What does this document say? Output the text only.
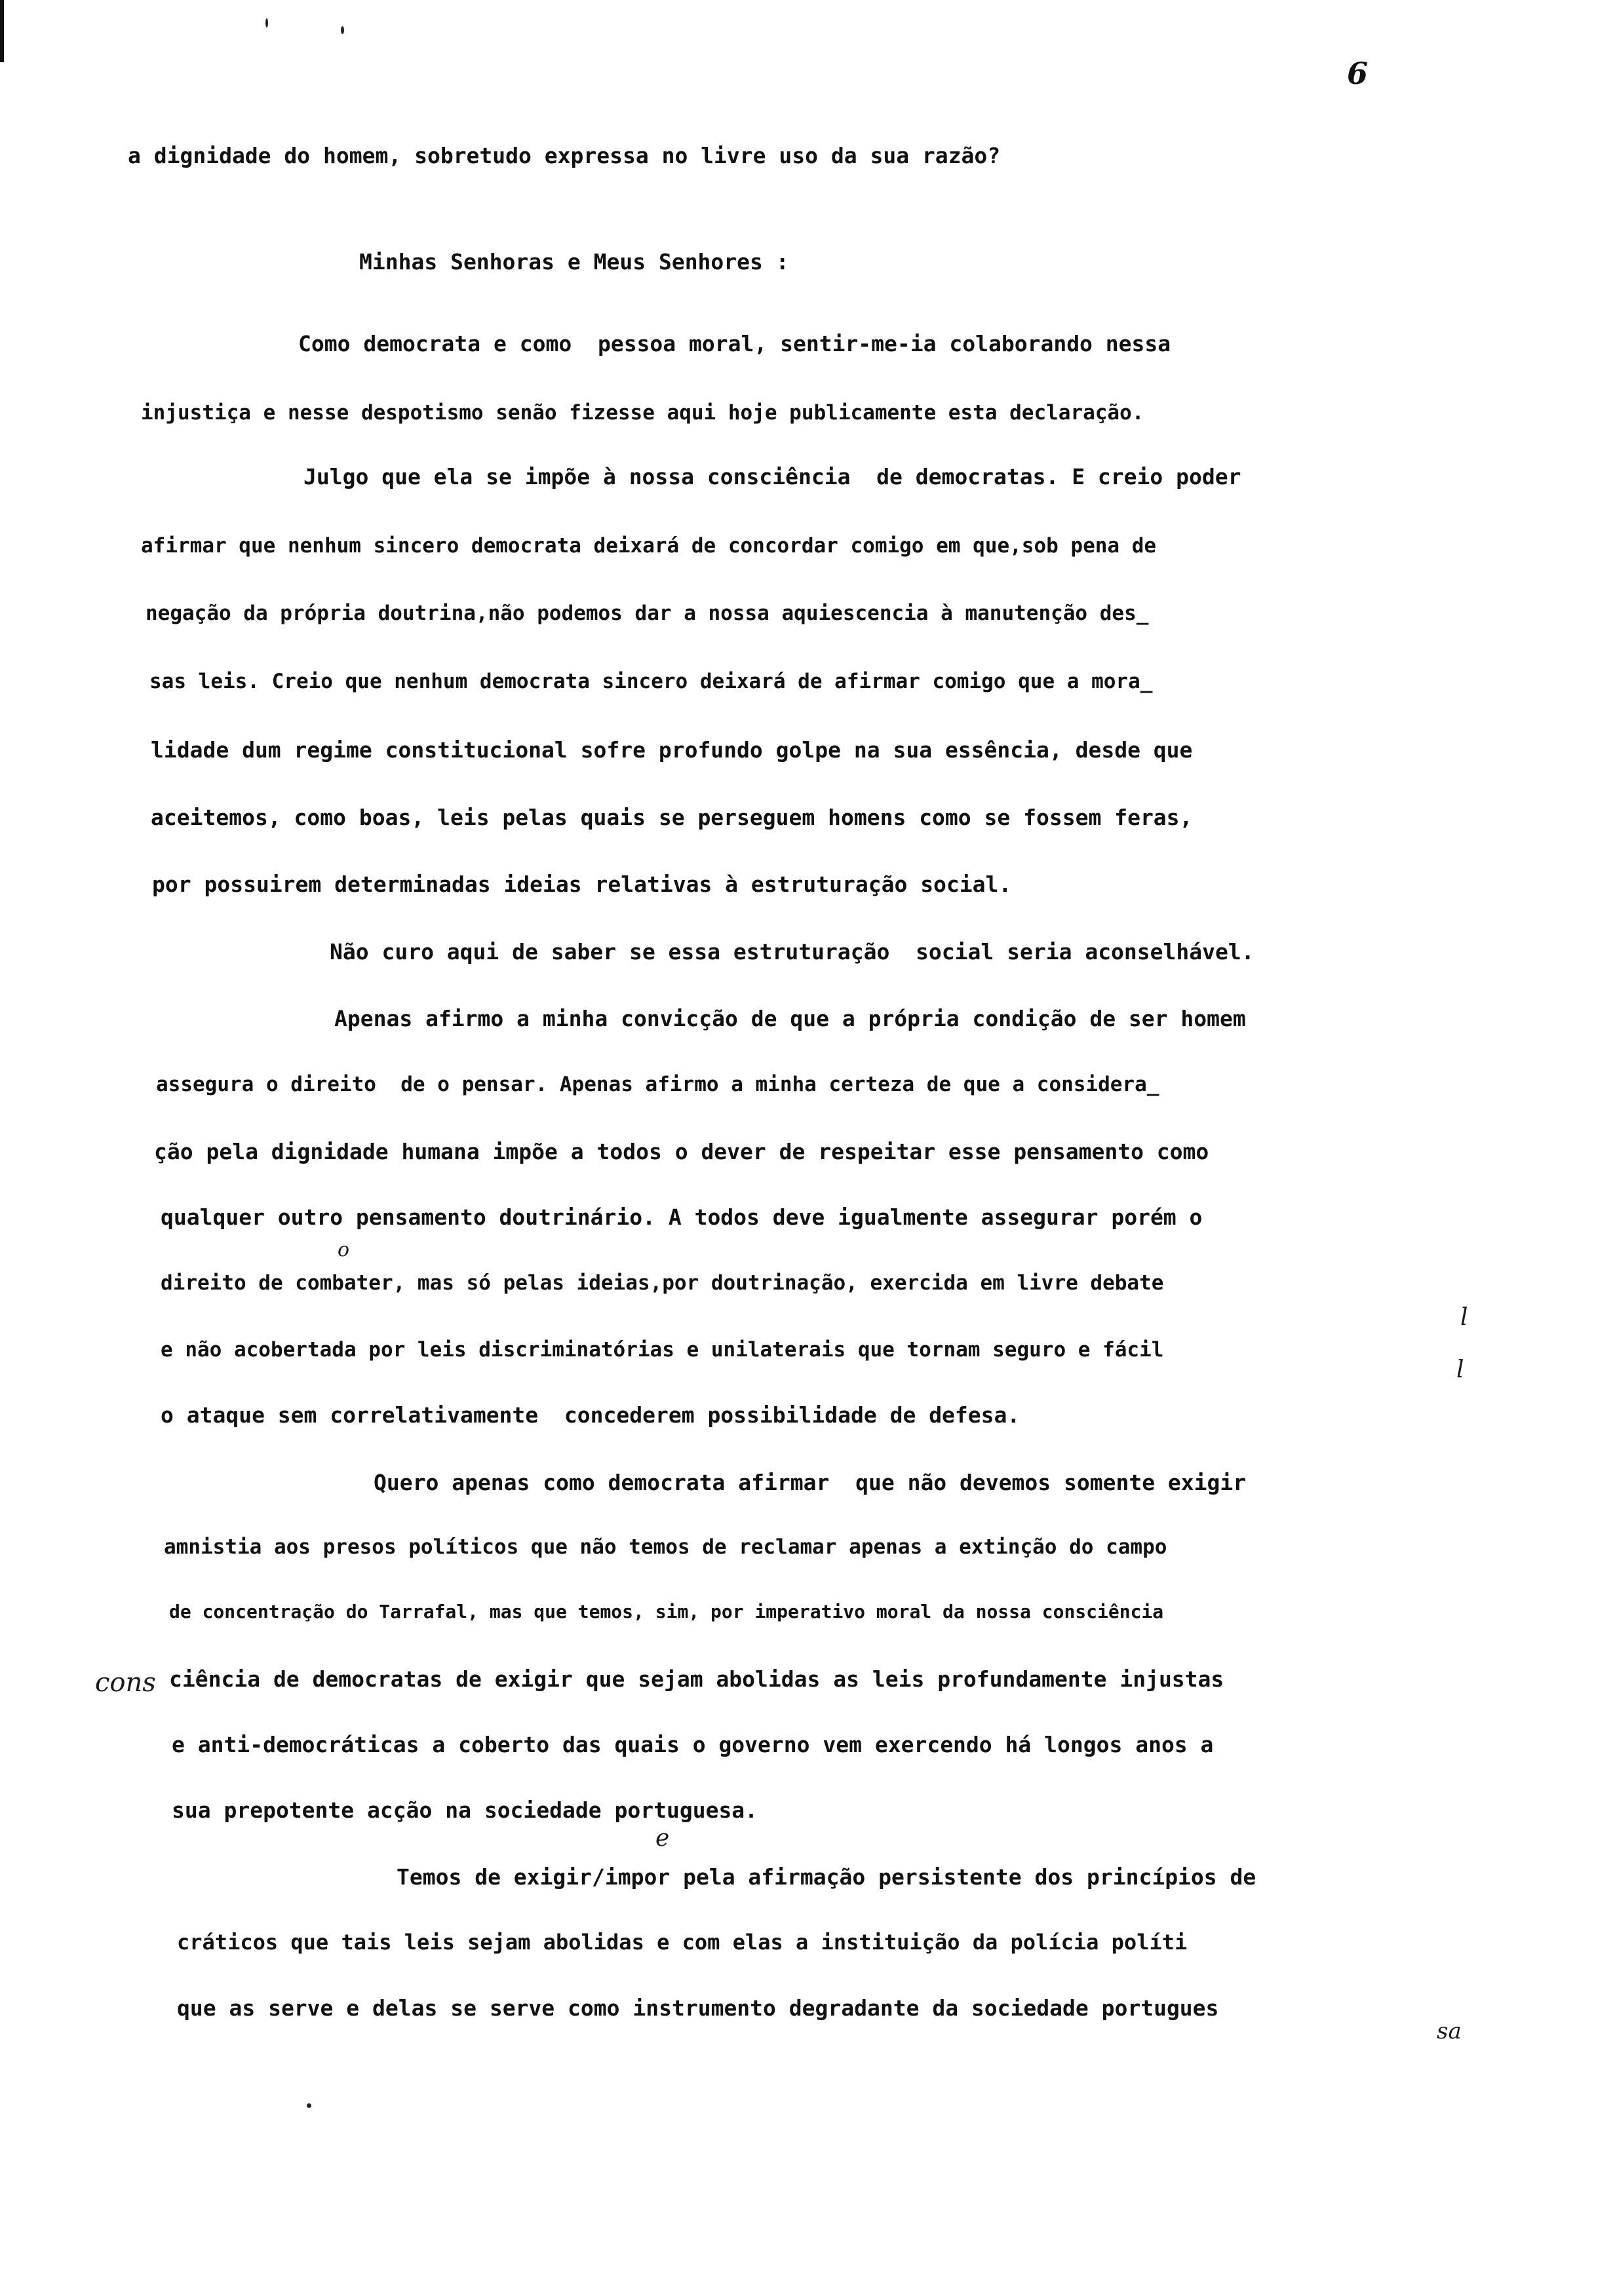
6
a dignidade do homem, sobretudo expressa no livre uso da sua razão?
Minhas Senhoras e Meus Senhores :
Como democrata e como  pessoa moral, sentir-me-ia colaborando nessa
injustiça e nesse despotismo senão fizesse aqui hoje publicamente esta declaração.
Julgo que ela se impõe à nossa consciência  de democratas. E creio poder
afirmar que nenhum sincero democrata deixará de concordar comigo em que,sob pena de
negação da própria doutrina,não podemos dar a nossa aquiescencia à manutenção des_
sas leis. Creio que nenhum democrata sincero deixará de afirmar comigo que a mora_
lidade dum regime constitucional sofre profundo golpe na sua essência, desde que
aceitemos, como boas, leis pelas quais se perseguem homens como se fossem feras,
por possuirem determinadas ideias relativas à estruturação social.
Não curo aqui de saber se essa estruturação  social seria aconselhável.
Apenas afirmo a minha convicção de que a própria condição de ser homem
assegura o direito  de o pensar. Apenas afirmo a minha certeza de que a considera_
ção pela dignidade humana impõe a todos o dever de respeitar esse pensamento como
qualquer outro pensamento doutrinário. A todos deve igualmente assegurar porém o
direito de combater, mas só pelas ideias,por doutrinação, exercida em livre debate
e não acobertada por leis discriminatórias e unilaterais que tornam seguro e fácil
o ataque sem correlativamente  concederem possibilidade de defesa.
Quero apenas como democrata afirmar  que não devemos somente exigir
amnistia aos presos políticos que não temos de reclamar apenas a extinção do campo
de concentração do Tarrafal, mas que temos, sim, por imperativo moral da nossa consciência
ciência de democratas de exigir que sejam abolidas as leis profundamente injustas
e anti-democráticas a coberto das quais o governo vem exercendo há longos anos a
sua prepotente acção na sociedade portuguesa.
Temos de exigir/impor pela afirmação persistente dos princípios de
cráticos que tais leis sejam abolidas e com elas a instituição da polícia políti
que as serve e delas se serve como instrumento degradante da sociedade portugues
cons
e
l
l
o
sa
